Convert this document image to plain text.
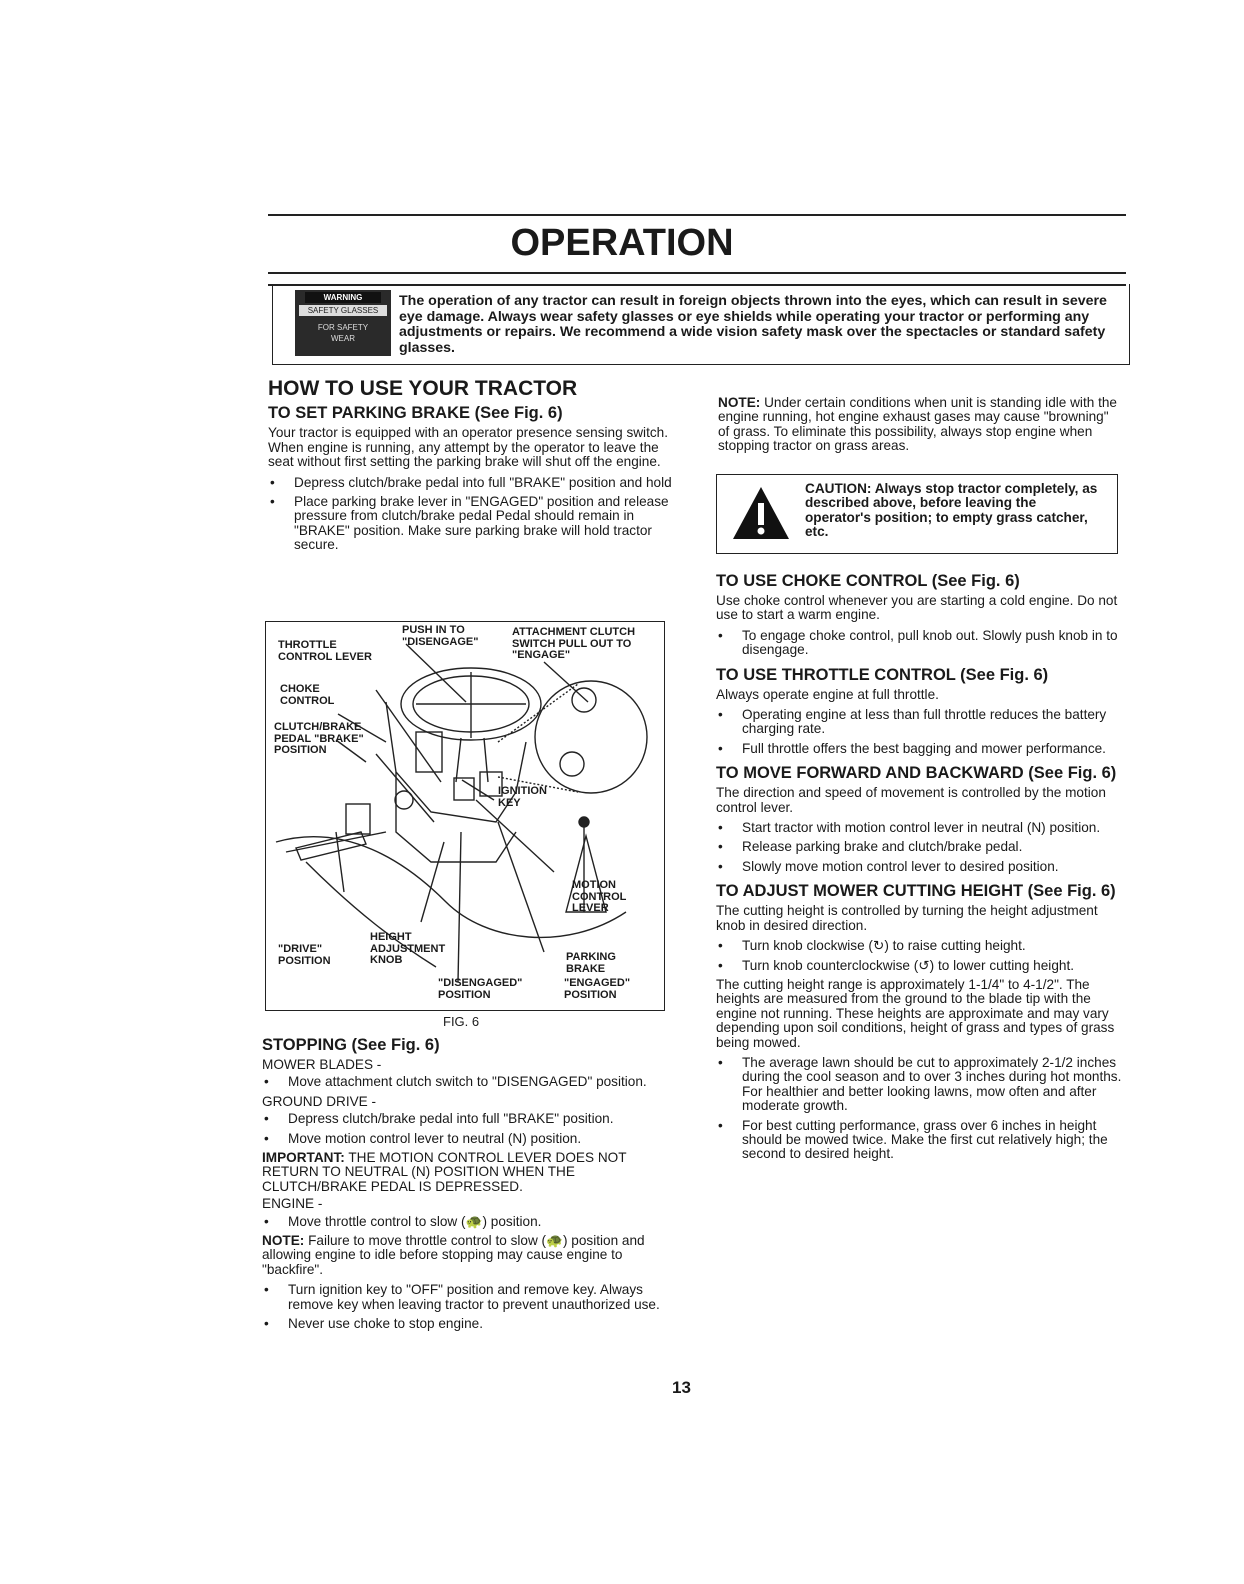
OPERATION
WARNING
SAFETY GLASSES
FOR SAFETY
WEAR
The operation of any tractor can result in foreign objects thrown into the eyes, which can result in severe eye damage. Always wear safety glasses or eye shields while operating your tractor or performing any adjustments or repairs. We recommend a wide vision safety mask over the spectacles or standard safety glasses.
HOW TO USE YOUR TRACTOR
TO SET PARKING BRAKE (See Fig. 6)

Your tractor is equipped with an operator presence sensing switch. When engine is running, any attempt by the operator to leave the seat without first setting the parking brake will shut off the engine.

• Depress clutch/brake pedal into full "BRAKE" position and hold
• Place parking brake lever in "ENGAGED" position and release pressure from clutch/brake pedal Pedal should remain in "BRAKE" position. Make sure parking brake will hold tractor secure.
PUSH IN TO
"DISENGAGE"
ATTACHMENT CLUTCH
SWITCH PULL OUT TO
"ENGAGE"
THROTTLE
CONTROL LEVER
CHOKE
CONTROL
CLUTCH/BRAKE
PEDAL "BRAKE"
POSITION
IGNITION
KEY
MOTION
CONTROL
LEVER
HEIGHT
ADJUSTMENT
KNOB
"DRIVE"
POSITION	PARKING
BRAKE
"DISENGAGED"
POSITION
"ENGAGED"
POSITION
FIG. 6
STOPPING (See Fig. 6)

MOWER BLADES -

• Move attachment clutch switch to "DISENGAGED" position.

GROUND DRIVE -

• Depress clutch/brake pedal into full "BRAKE" position.
• Move motion control lever to neutral (N) position.

IMPORTANT: THE MOTION CONTROL LEVER DOES NOT RETURN TO NEUTRAL (N) POSITION WHEN THE CLUTCH/BRAKE PEDAL IS DEPRESSED.

ENGINE -

• Move throttle control to slow (🐢) position.

NOTE: Failure to move throttle control to slow (🐢) position and allowing engine to idle before stopping may cause engine to "backfire".

• Turn ignition key to "OFF" position and remove key. Always remove key when leaving tractor to prevent unauthorized use.
• Never use choke to stop engine.

NOTE: Under certain conditions when unit is standing idle with the engine running, hot engine exhaust gases may cause "browning" of grass. To eliminate this possibility, always stop engine when stopping tractor on grass areas.

CAUTION: Always stop tractor completely, as described above, before leaving the operator's position; to empty grass catcher, etc.
TO USE CHOKE CONTROL (See Fig. 6)

Use choke control whenever you are starting a cold engine. Do not use to start a warm engine.

• To engage choke control, pull knob out. Slowly push knob in to disengage.
TO USE THROTTLE CONTROL (See Fig. 6)

Always operate engine at full throttle.

• Operating engine at less than full throttle reduces the battery charging rate.
• Full throttle offers the best bagging and mower performance.
TO MOVE FORWARD AND BACKWARD (See Fig. 6)

The direction and speed of movement is controlled by the motion control lever.

• Start tractor with motion control lever in neutral (N) position.
• Release parking brake and clutch/brake pedal.
• Slowly move motion control lever to desired position.
TO ADJUST MOWER CUTTING HEIGHT (See Fig. 6)

The cutting height is controlled by turning the height adjustment knob in desired direction.

• Turn knob clockwise (↻) to raise cutting height.
• Turn knob counterclockwise (↺) to lower cutting height.

The cutting height range is approximately 1-1/4" to 4-1/2". The heights are measured from the ground to the blade tip with the engine not running. These heights are approximate and may vary depending upon soil conditions, height of grass and types of grass being mowed.

• The average lawn should be cut to approximately 2-1/2 inches during the cool season and to over 3 inches during hot months. For healthier and better looking lawns, mow often and after moderate growth.
• For best cutting performance, grass over 6 inches in height should be mowed twice. Make the first cut relatively high; the second to desired height.
13
